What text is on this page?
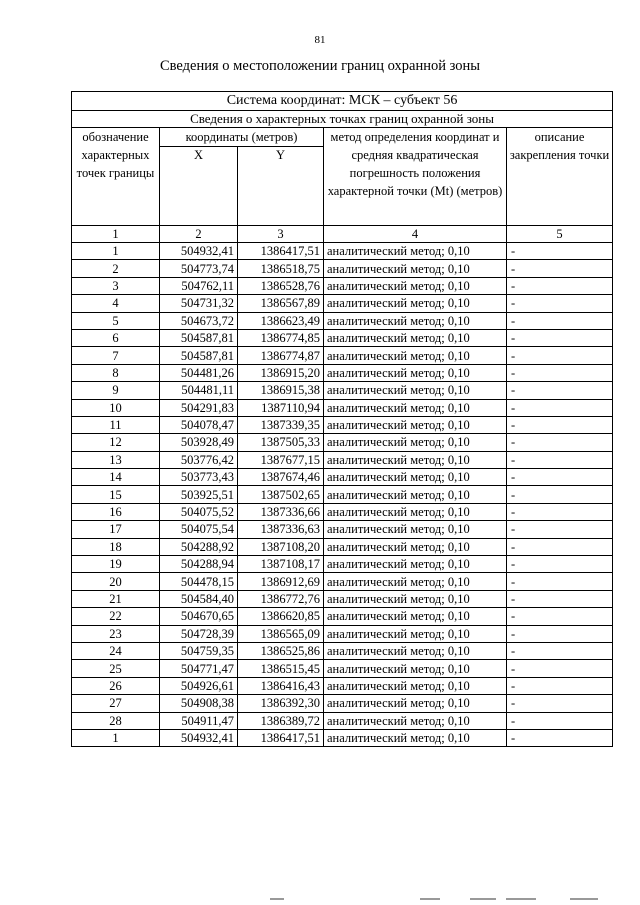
81
Сведения о местоположении границ охранной зоны
Система координат: МСК – субъект 56				
Сведения о характерных точках границ охранной зоны				
обозначение характерных точек границы	координаты (метров)		метод определения координат и средняя квадратическая погрешность положения характерной точки (Mt) (метров)	описание закрепления точки
	X	Y		
1	2	3	4	5
1	504932,41	1386417,51	аналитический метод; 0,10	-
2	504773,74	1386518,75	аналитический метод; 0,10	-
3	504762,11	1386528,76	аналитический метод; 0,10	-
4	504731,32	1386567,89	аналитический метод; 0,10	-
5	504673,72	1386623,49	аналитический метод; 0,10	-
6	504587,81	1386774,85	аналитический метод; 0,10	-
7	504587,81	1386774,87	аналитический метод; 0,10	-
8	504481,26	1386915,20	аналитический метод; 0,10	-
9	504481,11	1386915,38	аналитический метод; 0,10	-
10	504291,83	1387110,94	аналитический метод; 0,10	-
11	504078,47	1387339,35	аналитический метод; 0,10	-
12	503928,49	1387505,33	аналитический метод; 0,10	-
13	503776,42	1387677,15	аналитический метод; 0,10	-
14	503773,43	1387674,46	аналитический метод; 0,10	-
15	503925,51	1387502,65	аналитический метод; 0,10	-
16	504075,52	1387336,66	аналитический метод; 0,10	-
17	504075,54	1387336,63	аналитический метод; 0,10	-
18	504288,92	1387108,20	аналитический метод; 0,10	-
19	504288,94	1387108,17	аналитический метод; 0,10	-
20	504478,15	1386912,69	аналитический метод; 0,10	-
21	504584,40	1386772,76	аналитический метод; 0,10	-
22	504670,65	1386620,85	аналитический метод; 0,10	-
23	504728,39	1386565,09	аналитический метод; 0,10	-
24	504759,35	1386525,86	аналитический метод; 0,10	-
25	504771,47	1386515,45	аналитический метод; 0,10	-
26	504926,61	1386416,43	аналитический метод; 0,10	-
27	504908,38	1386392,30	аналитический метод; 0,10	-
28	504911,47	1386389,72	аналитический метод; 0,10	-
1	504932,41	1386417,51	аналитический метод; 0,10	-
